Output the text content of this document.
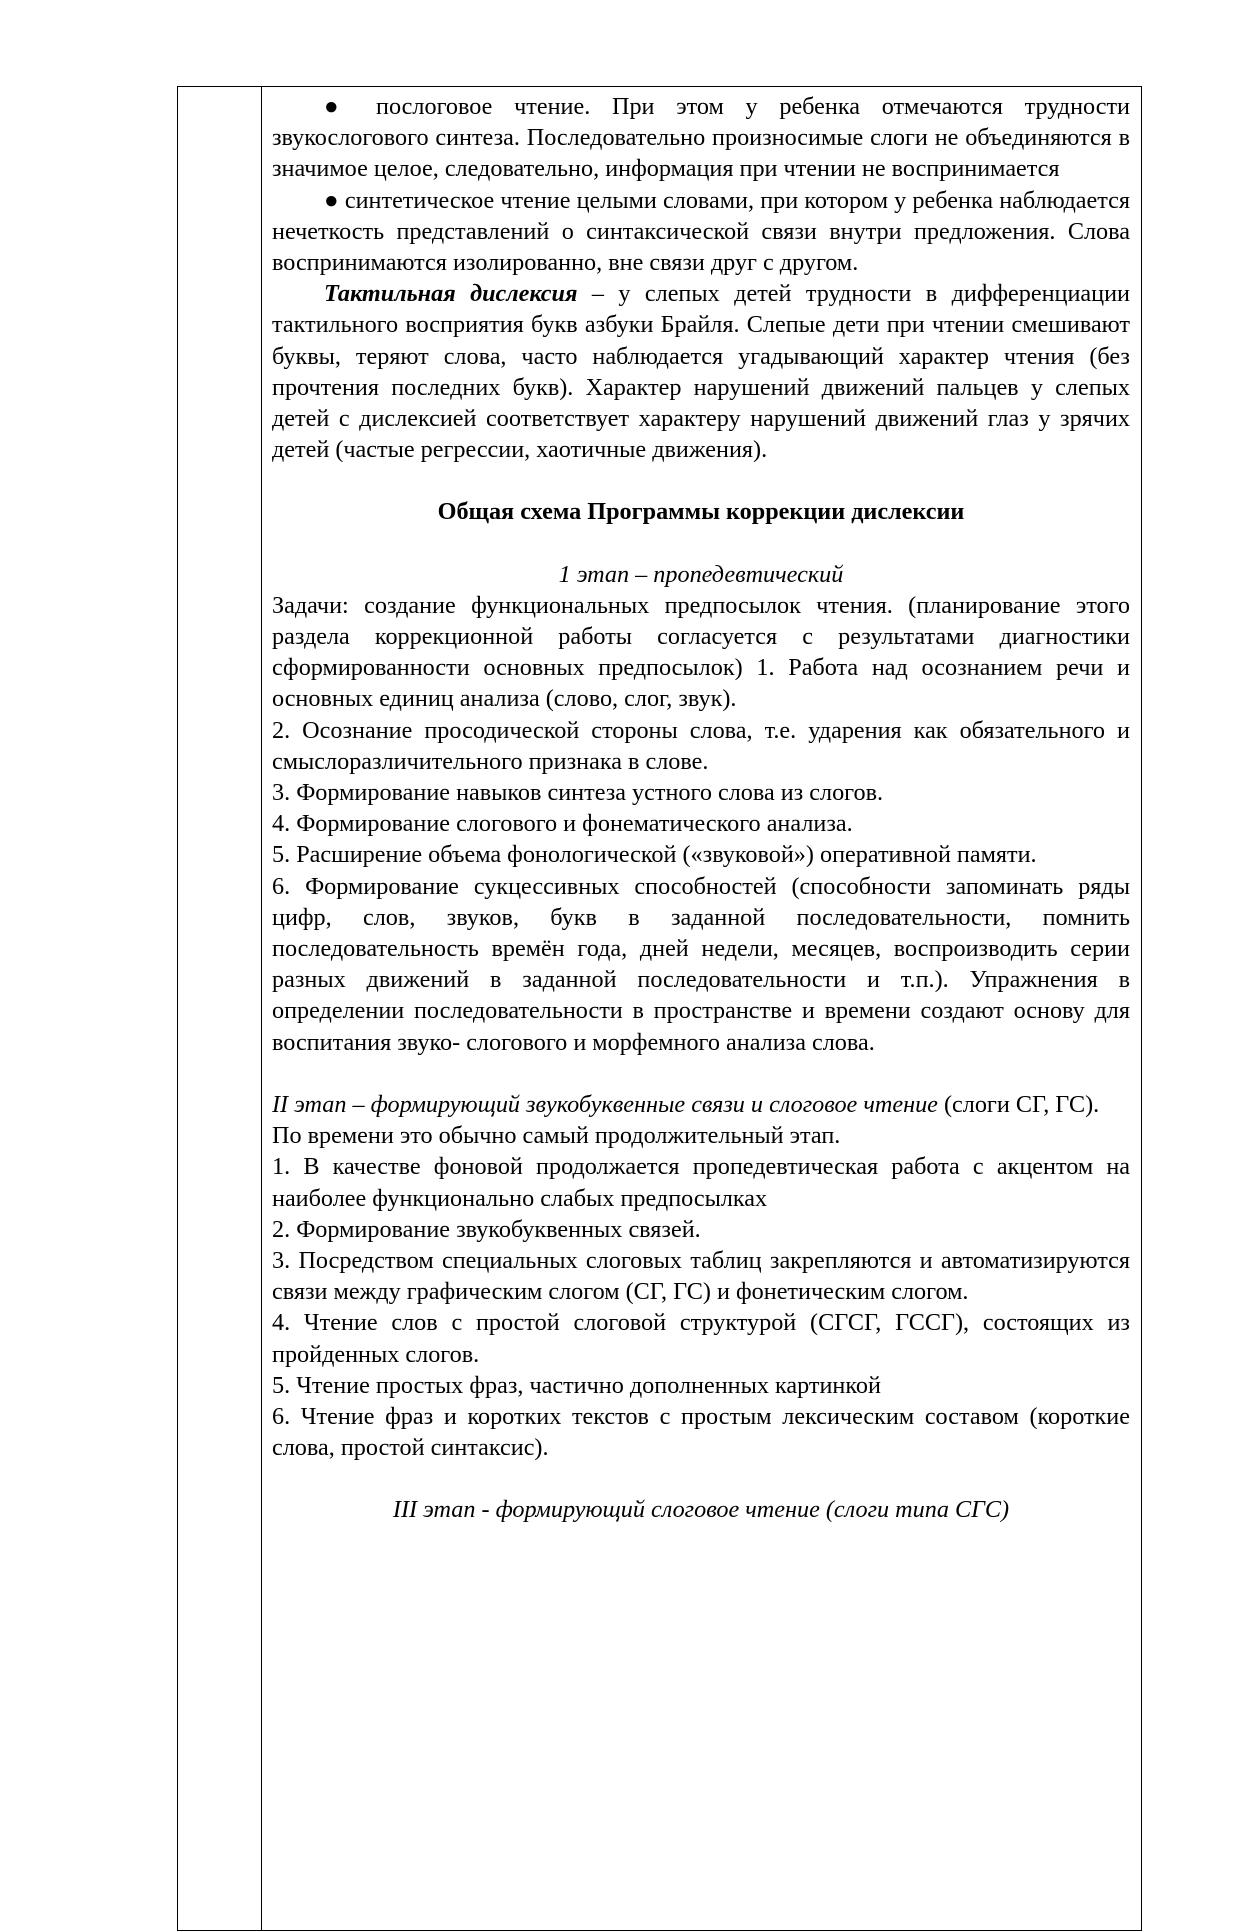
● послоговое чтение. При этом у ребенка отмечаются трудности звукослогового синтеза. Последовательно произносимые слоги не объединяются в значимое целое, следовательно, информация при чтении не воспринимается

● синтетическое чтение целыми словами, при котором у ребенка наблюдается нечеткость представлений о синтаксической связи внутри предложения. Слова воспринимаются изолированно, вне связи друг с другом.

Тактильная дислексия – у слепых детей трудности в дифференциации тактильного восприятия букв азбуки Брайля. Слепые дети при чтении смешивают буквы, теряют слова, часто наблюдается угадывающий характер чтения (без прочтения последних букв). Характер нарушений движений пальцев у слепых детей с дислексией соответствует характеру нарушений движений глаз у зрячих детей (частые регрессии, хаотичные движения).

Общая схема Программы коррекции дислексии

1 этап – пропедевтический

Задачи: создание функциональных предпосылок чтения. (планирование этого раздела коррекционной работы согласуется с результатами диагностики сформированности основных предпосылок) 1. Работа над осознанием речи и основных единиц анализа (слово, слог, звук).

2. Осознание просодической стороны слова, т.е. ударения как обязательного и смыслоразличительного признака в слове.

3. Формирование навыков синтеза устного слова из слогов.

4. Формирование слогового и фонематического анализа.

5. Расширение объема фонологической («звуковой») оперативной памяти.

6. Формирование сукцессивных способностей (способности запоминать ряды цифр, слов, звуков, букв в заданной последовательности, помнить последовательность времён года, дней недели, месяцев, воспроизводить серии разных движений в заданной последовательности и т.п.). Упражнения в определении последовательности в пространстве и времени создают основу для воспитания звуко- слогового и морфемного анализа слова.

II этап – формирующий звукобуквенные связи и слоговое чтение (слоги СГ, ГС).

По времени это обычно самый продолжительный этап.

1. В качестве фоновой продолжается пропедевтическая работа с акцентом на наиболее функционально слабых предпосылках

2. Формирование звукобуквенных связей.

3. Посредством специальных слоговых таблиц закрепляются и автоматизируются связи между графическим слогом (СГ, ГС) и фонетическим слогом.

4. Чтение слов с простой слоговой структурой (СГСГ, ГССГ), состоящих из пройденных слогов.

5. Чтение простых фраз, частично дополненных картинкой

6. Чтение фраз и коротких текстов с простым лексическим составом (короткие слова, простой синтаксис).

III этап - формирующий слоговое чтение (слоги типа СГС)
